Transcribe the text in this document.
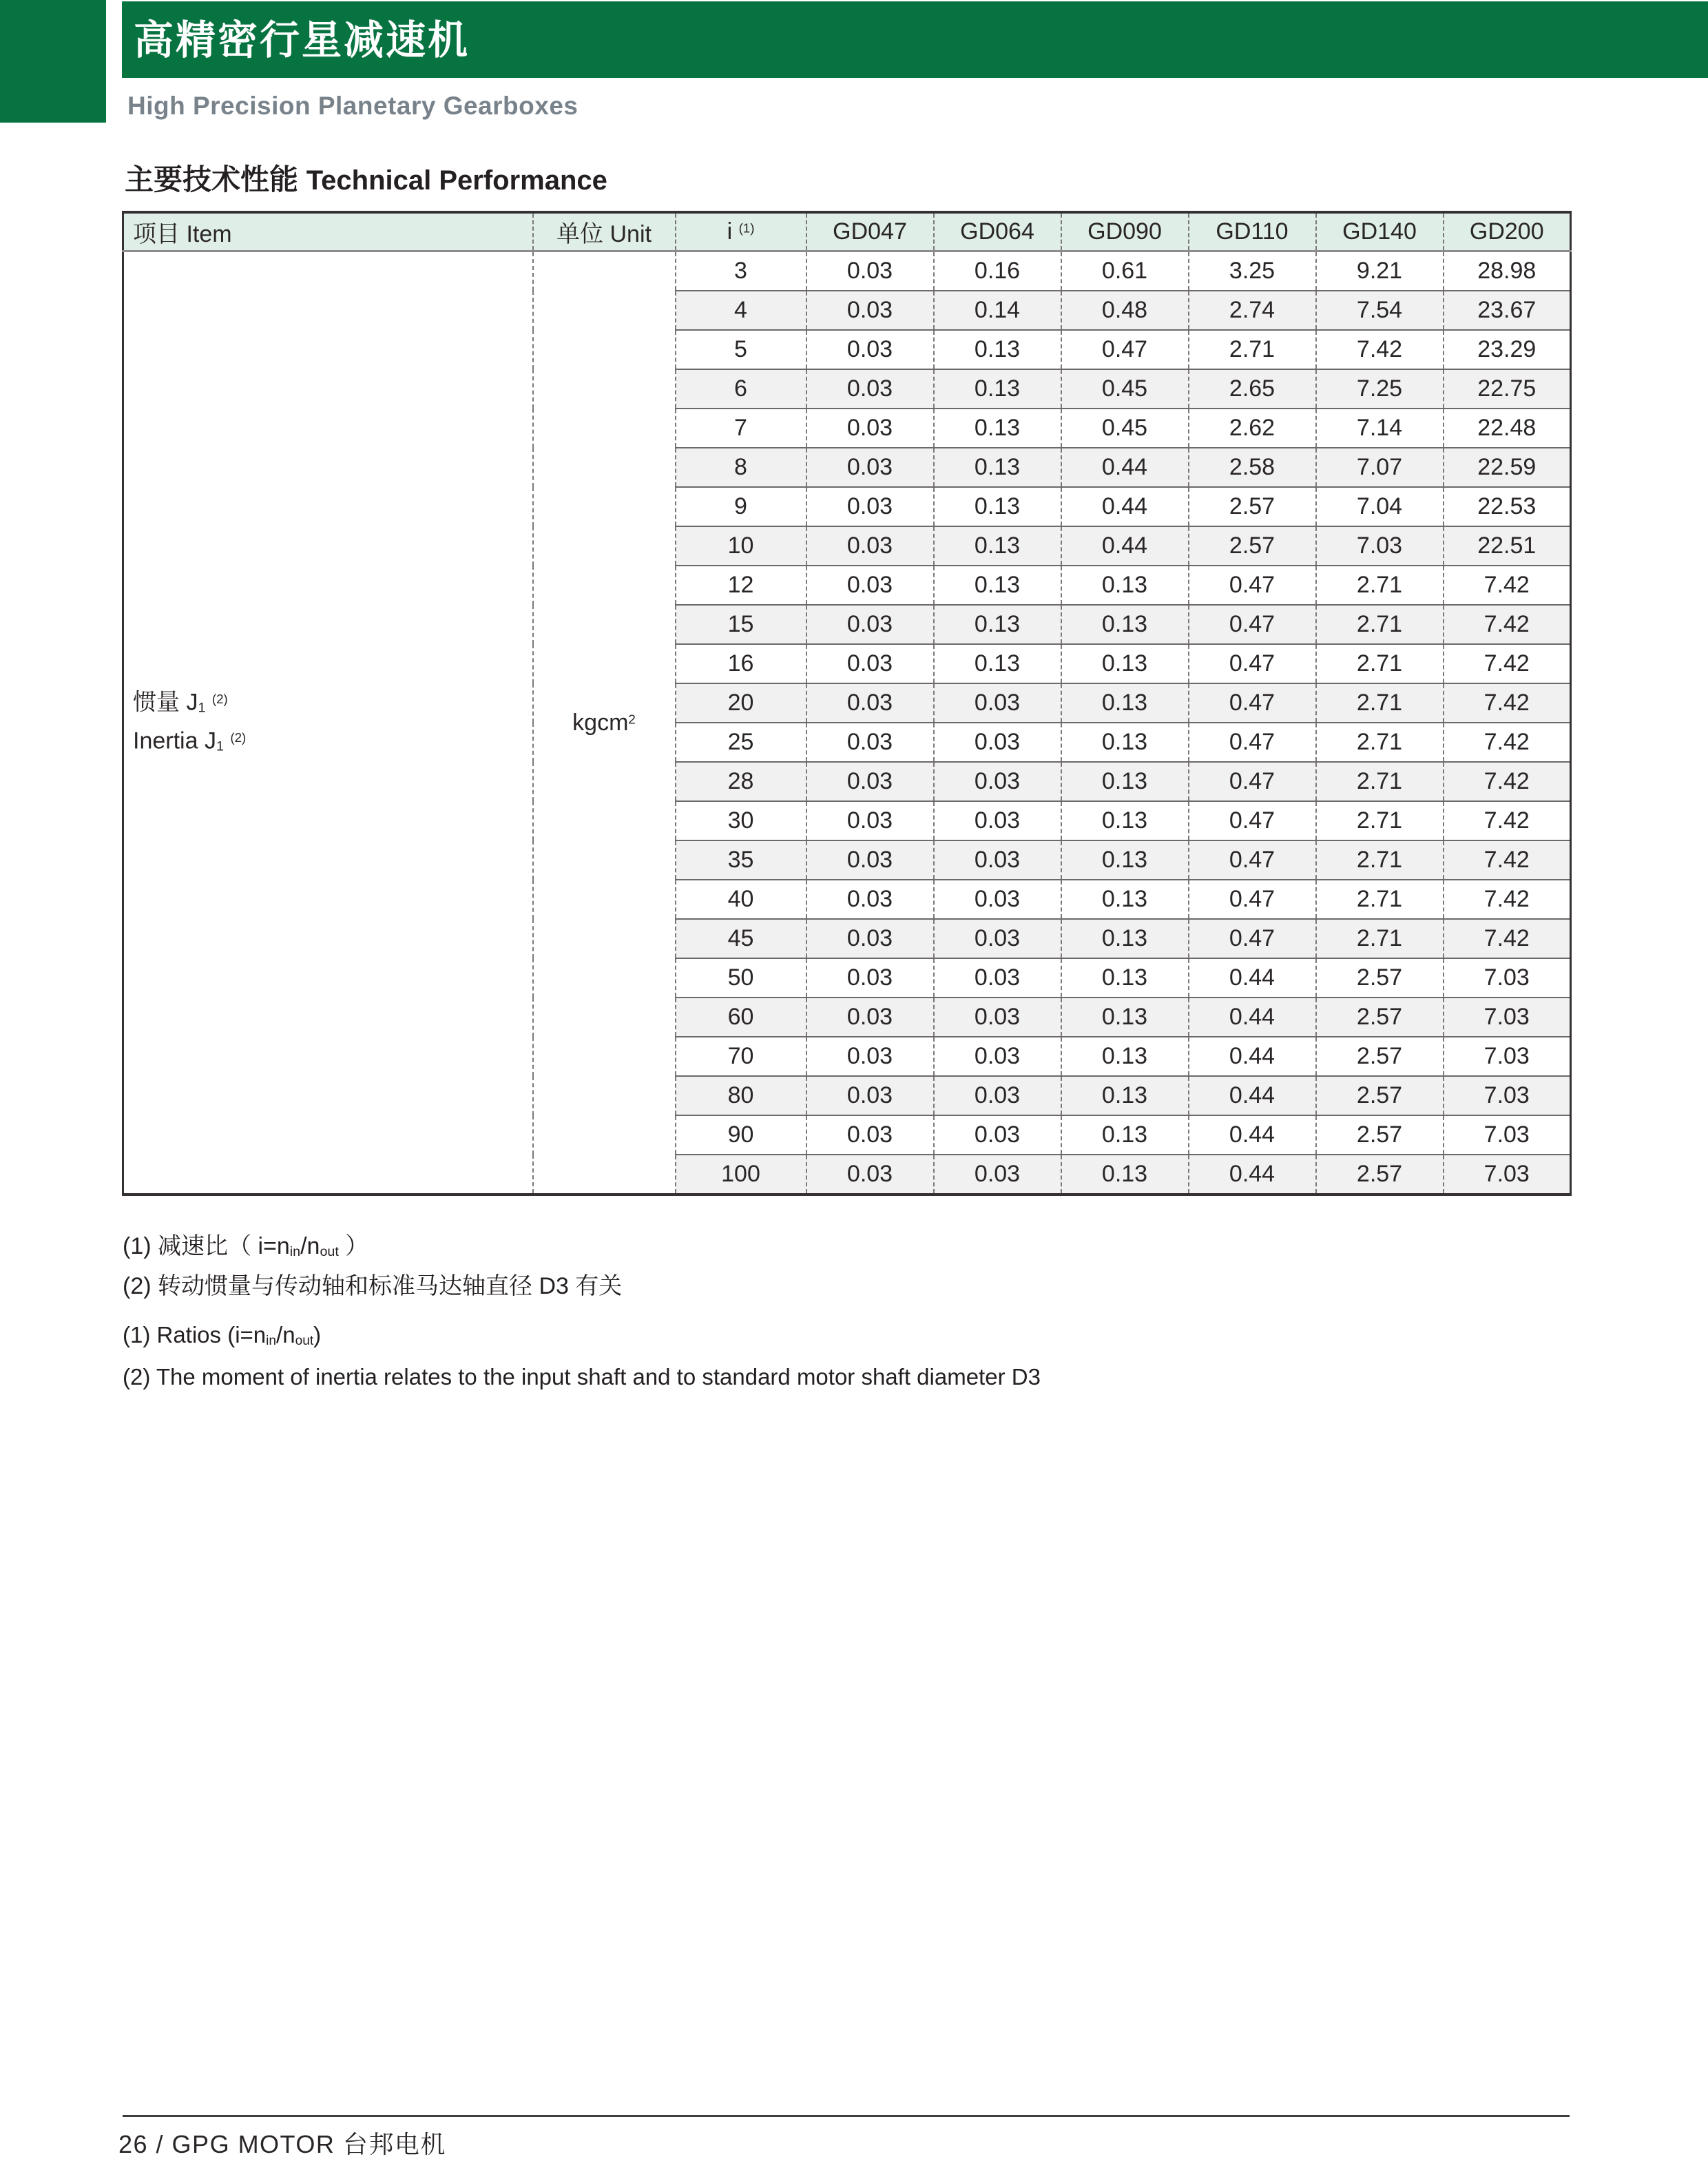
高精密行星减速机
High Precision Planetary Gearboxes
主要技术性能 Technical Performance
项目 Item	单位 Unit	i $^{(1)}$	GD047	GD064	GD090	GD110	GD140	GD200

惯量 $J_1$ $^{(2)}$
Inertia $J_1$ $^{(2)}$	kgcm$^2$	3	0.03	0.16	0.61	3.25	9.21	28.98
		4	0.03	0.14	0.48	2.74	7.54	23.67
		5	0.03	0.13	0.47	2.71	7.42	23.29
		6	0.03	0.13	0.45	2.65	7.25	22.75
		7	0.03	0.13	0.45	2.62	7.14	22.48
		8	0.03	0.13	0.44	2.58	7.07	22.59
		9	0.03	0.13	0.44	2.57	7.04	22.53
		10	0.03	0.13	0.44	2.57	7.03	22.51
		12	0.03	0.13	0.13	0.47	2.71	7.42
		15	0.03	0.13	0.13	0.47	2.71	7.42
		16	0.03	0.13	0.13	0.47	2.71	7.42
		20	0.03	0.03	0.13	0.47	2.71	7.42
		25	0.03	0.03	0.13	0.47	2.71	7.42
		28	0.03	0.03	0.13	0.47	2.71	7.42
		30	0.03	0.03	0.13	0.47	2.71	7.42
		35	0.03	0.03	0.13	0.47	2.71	7.42
		40	0.03	0.03	0.13	0.47	2.71	7.42
		45	0.03	0.03	0.13	0.47	2.71	7.42
		50	0.03	0.03	0.13	0.44	2.57	7.03
		60	0.03	0.03	0.13	0.44	2.57	7.03
		70	0.03	0.03	0.13	0.44	2.57	7.03
		80	0.03	0.03	0.13	0.44	2.57	7.03
		90	0.03	0.03	0.13	0.44	2.57	7.03
		100	0.03	0.03	0.13	0.44	2.57	7.03
(1) 减速比（ $i=n_{in}/n_{out}$ ）
(2) 转动惯量与传动轴和标准马达轴直径 D3 有关
(1) Ratios $(i=n_{in}/n_{out})$
(2) The moment of inertia relates to the input shaft and to standard motor shaft diameter D3
26 / GPG MOTOR 台邦电机
